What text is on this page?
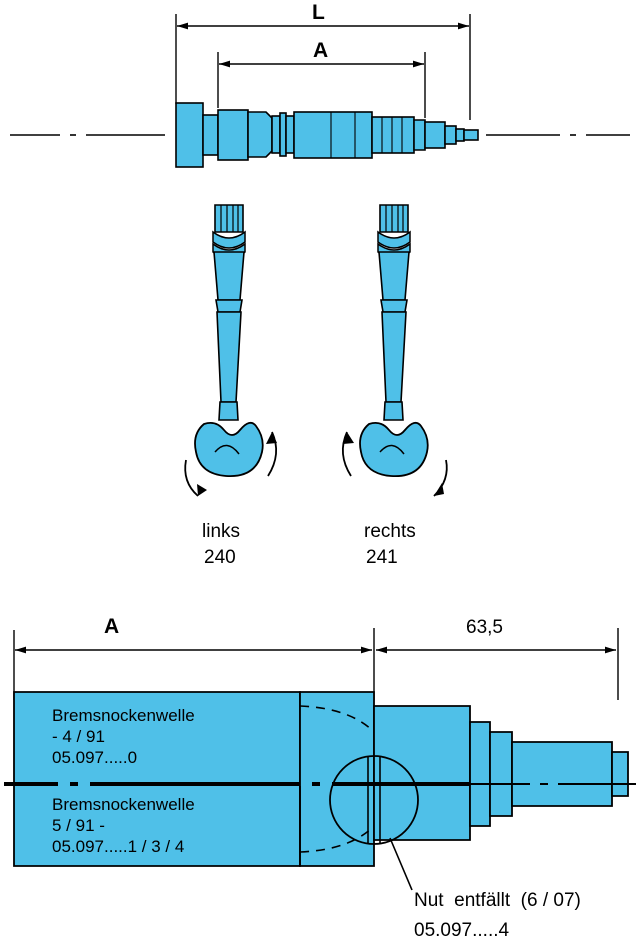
L
A
links
240
rechts
241
A	63,5
Bremsnockenwelle
- 4 / 91
05.097.....0
Bremsnockenwelle
5 / 91 -
05.097.....1 / 3 / 4
Nut  entfällt  (6 / 07)
05.097.....4
